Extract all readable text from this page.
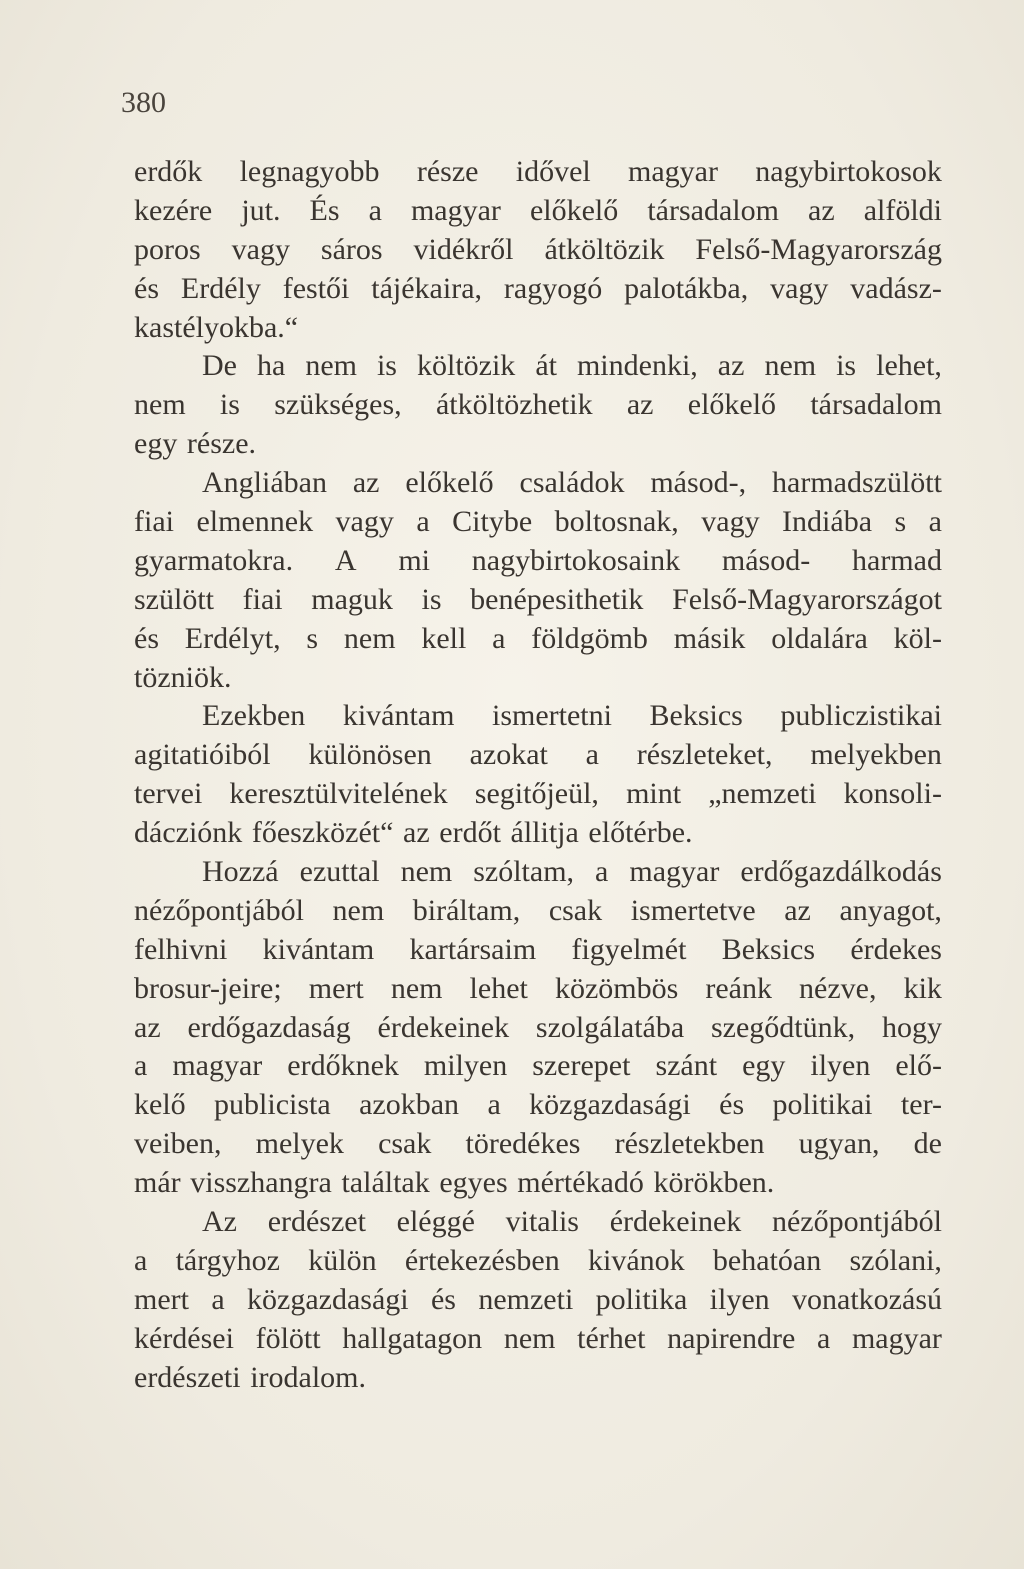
380
erdők legnagyobb része idővel magyar nagybirtokosok
kezére jut. És a magyar előkelő társadalom az alföldi
poros vagy sáros vidékről átköltözik Felső-Magyarország
és Erdély festői tájékaira, ragyogó palotákba, vagy vadász-
kastélyokba.“
De ha nem is költözik át mindenki, az nem is lehet,
nem is szükséges, átköltözhetik az előkelő társadalom
egy része.
Angliában az előkelő családok másod-, harmadszülött
fiai elmennek vagy a Citybe boltosnak, vagy Indiába s a
gyarmatokra. A mi nagybirtokosaink másod- harmad
szülött fiai maguk is benépesithetik Felső-Magyarországot
és Erdélyt, s nem kell a földgömb másik oldalára köl-
tözniök.
Ezekben kivántam ismertetni Beksics publiczistikai
agitatióiból különösen azokat a részleteket, melyekben
tervei keresztülvitelének segitőjeül, mint „nemzeti konsoli-
dácziónk főeszközét“ az erdőt állitja előtérbe.
Hozzá ezuttal nem szóltam, a magyar erdőgazdálkodás
nézőpontjából nem biráltam, csak ismertetve az anyagot,
felhivni kivántam kartársaim figyelmét Beksics érdekes
brosur-jeire; mert nem lehet közömbös reánk nézve, kik
az erdőgazdaság érdekeinek szolgálatába szegődtünk, hogy
a magyar erdőknek milyen szerepet szánt egy ilyen elő-
kelő publicista azokban a közgazdasági és politikai ter-
veiben, melyek csak töredékes részletekben ugyan, de
már visszhangra találtak egyes mértékadó körökben.
Az erdészet eléggé vitalis érdekeinek nézőpontjából
a tárgyhoz külön értekezésben kivánok behatóan szólani,
mert a közgazdasági és nemzeti politika ilyen vonatkozású
kérdései fölött hallgatagon nem térhet napirendre a magyar
erdészeti irodalom.
